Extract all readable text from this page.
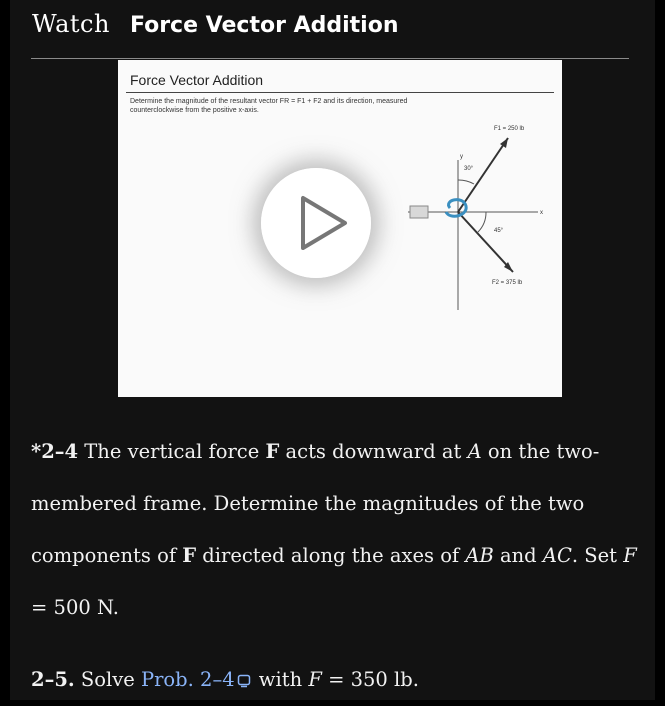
Watch Force Vector Addition
Force Vector Addition
Determine the magnitude of the resultant vector FR = F1 + F2 and its direction, measured counterclockwise from the positive x-axis.
F1 = 250 lb
F2 = 375 lb
30°
45°
x
y
*2–4 The vertical force F acts downward at A on the two-membered frame. Determine the magnitudes of the two components of F directed along the axes of AB and AC. Set F = 500 N.
2–5. Solve Prob. 2–4 with F = 350 lb.
